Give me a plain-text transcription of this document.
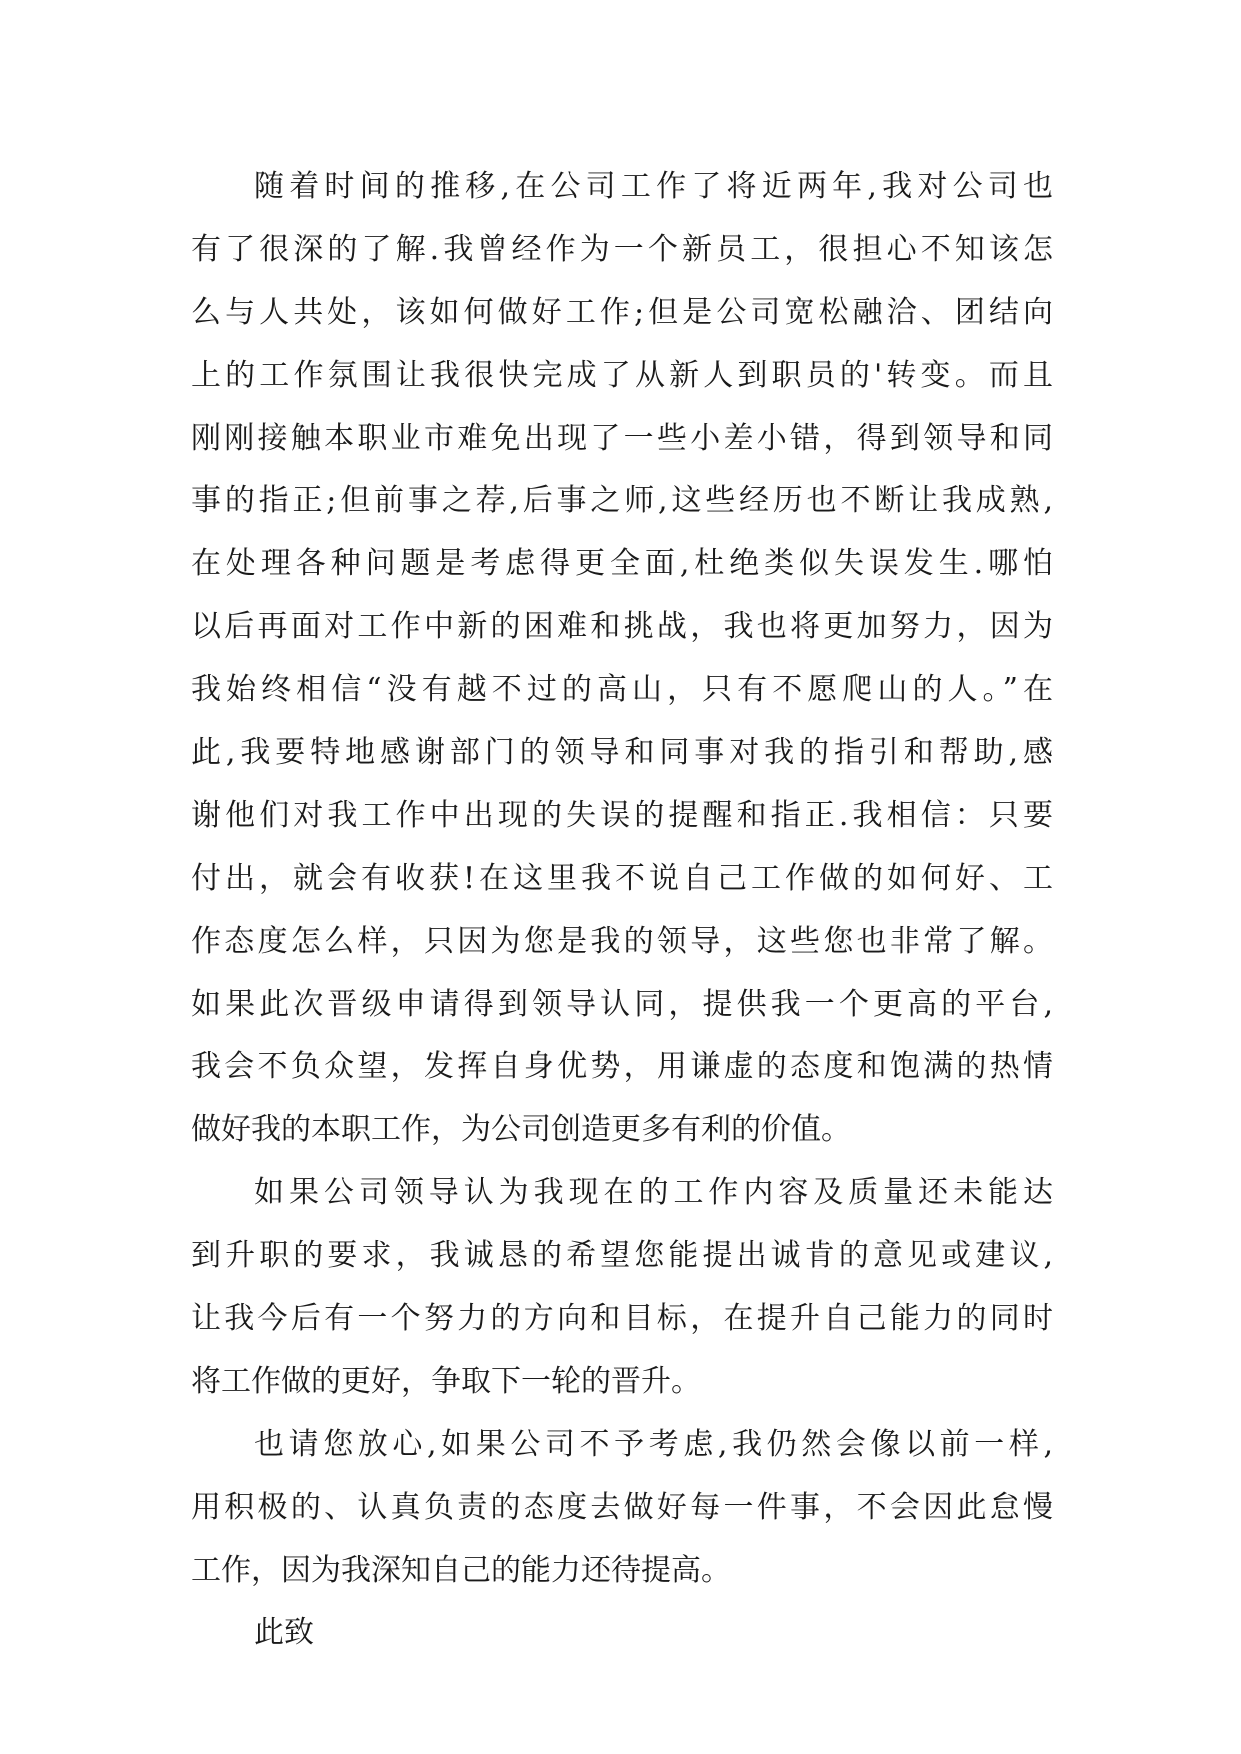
随着时间的推移,在公司工作了将近两年,我对公司也
有了很深的了解.我曾经作为一个新员工，很担心不知该怎
么与人共处，该如何做好工作;但是公司宽松融洽、团结向
上的工作氛围让我很快完成了从新人到职员的'转变。而且
刚刚接触本职业市难免出现了一些小差小错，得到领导和同
事的指正;但前事之荐,后事之师,这些经历也不断让我成熟,
在处理各种问题是考虑得更全面,杜绝类似失误发生.哪怕
以后再面对工作中新的困难和挑战，我也将更加努力，因为
我始终相信“没有越不过的高山，只有不愿爬山的人。”在
此,我要特地感谢部门的领导和同事对我的指引和帮助,感
谢他们对我工作中出现的失误的提醒和指正.我相信：只要
付出，就会有收获!在这里我不说自己工作做的如何好、工
作态度怎么样，只因为您是我的领导，这些您也非常了解。
如果此次晋级申请得到领导认同，提供我一个更高的平台,
我会不负众望，发挥自身优势，用谦虚的态度和饱满的热情
做好我的本职工作，为公司创造更多有利的价值。
如果公司领导认为我现在的工作内容及质量还未能达
到升职的要求，我诚恳的希望您能提出诚肯的意见或建议,
让我今后有一个努力的方向和目标，在提升自己能力的同时
将工作做的更好，争取下一轮的晋升。
也请您放心,如果公司不予考虑,我仍然会像以前一样,
用积极的、认真负责的态度去做好每一件事，不会因此怠慢
工作，因为我深知自己的能力还待提高。
此致
